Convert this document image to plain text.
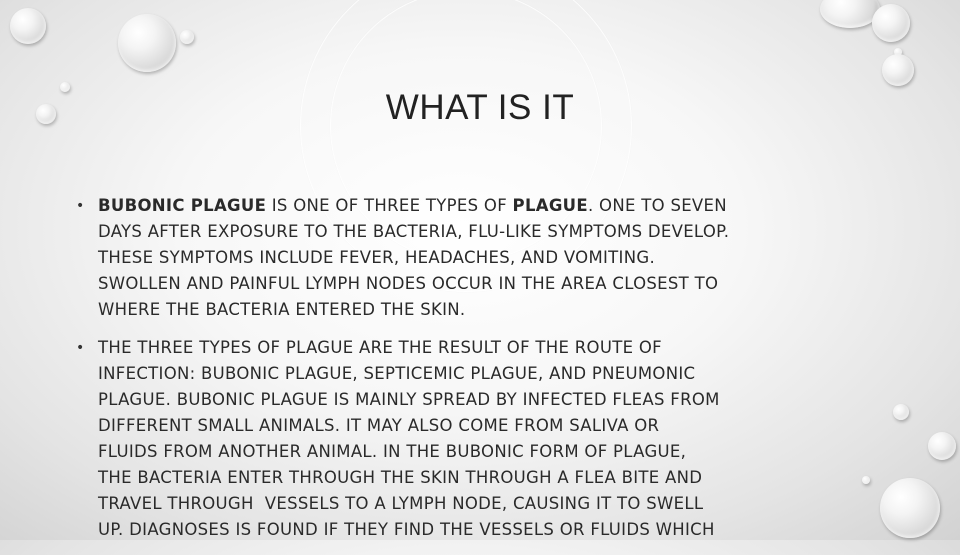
WHAT IS IT
• BUBONIC PLAGUE IS ONE OF THREE TYPES OF PLAGUE. ONE TO SEVEN
DAYS AFTER EXPOSURE TO THE BACTERIA, FLU-LIKE SYMPTOMS DEVELOP.
THESE SYMPTOMS INCLUDE FEVER, HEADACHES, AND VOMITING.
SWOLLEN AND PAINFUL LYMPH NODES OCCUR IN THE AREA CLOSEST TO
WHERE THE BACTERIA ENTERED THE SKIN.
• THE THREE TYPES OF PLAGUE ARE THE RESULT OF THE ROUTE OF
INFECTION: BUBONIC PLAGUE, SEPTICEMIC PLAGUE, AND PNEUMONIC
PLAGUE. BUBONIC PLAGUE IS MAINLY SPREAD BY INFECTED FLEAS FROM
DIFFERENT SMALL ANIMALS. IT MAY ALSO COME FROM SALIVA OR
FLUIDS FROM ANOTHER ANIMAL. IN THE BUBONIC FORM OF PLAGUE,
THE BACTERIA ENTER THROUGH THE SKIN THROUGH A FLEA BITE AND
TRAVEL THROUGH  VESSELS TO A LYMPH NODE, CAUSING IT TO SWELL
UP. DIAGNOSES IS FOUND IF THEY FIND THE VESSELS OR FLUIDS WHICH
